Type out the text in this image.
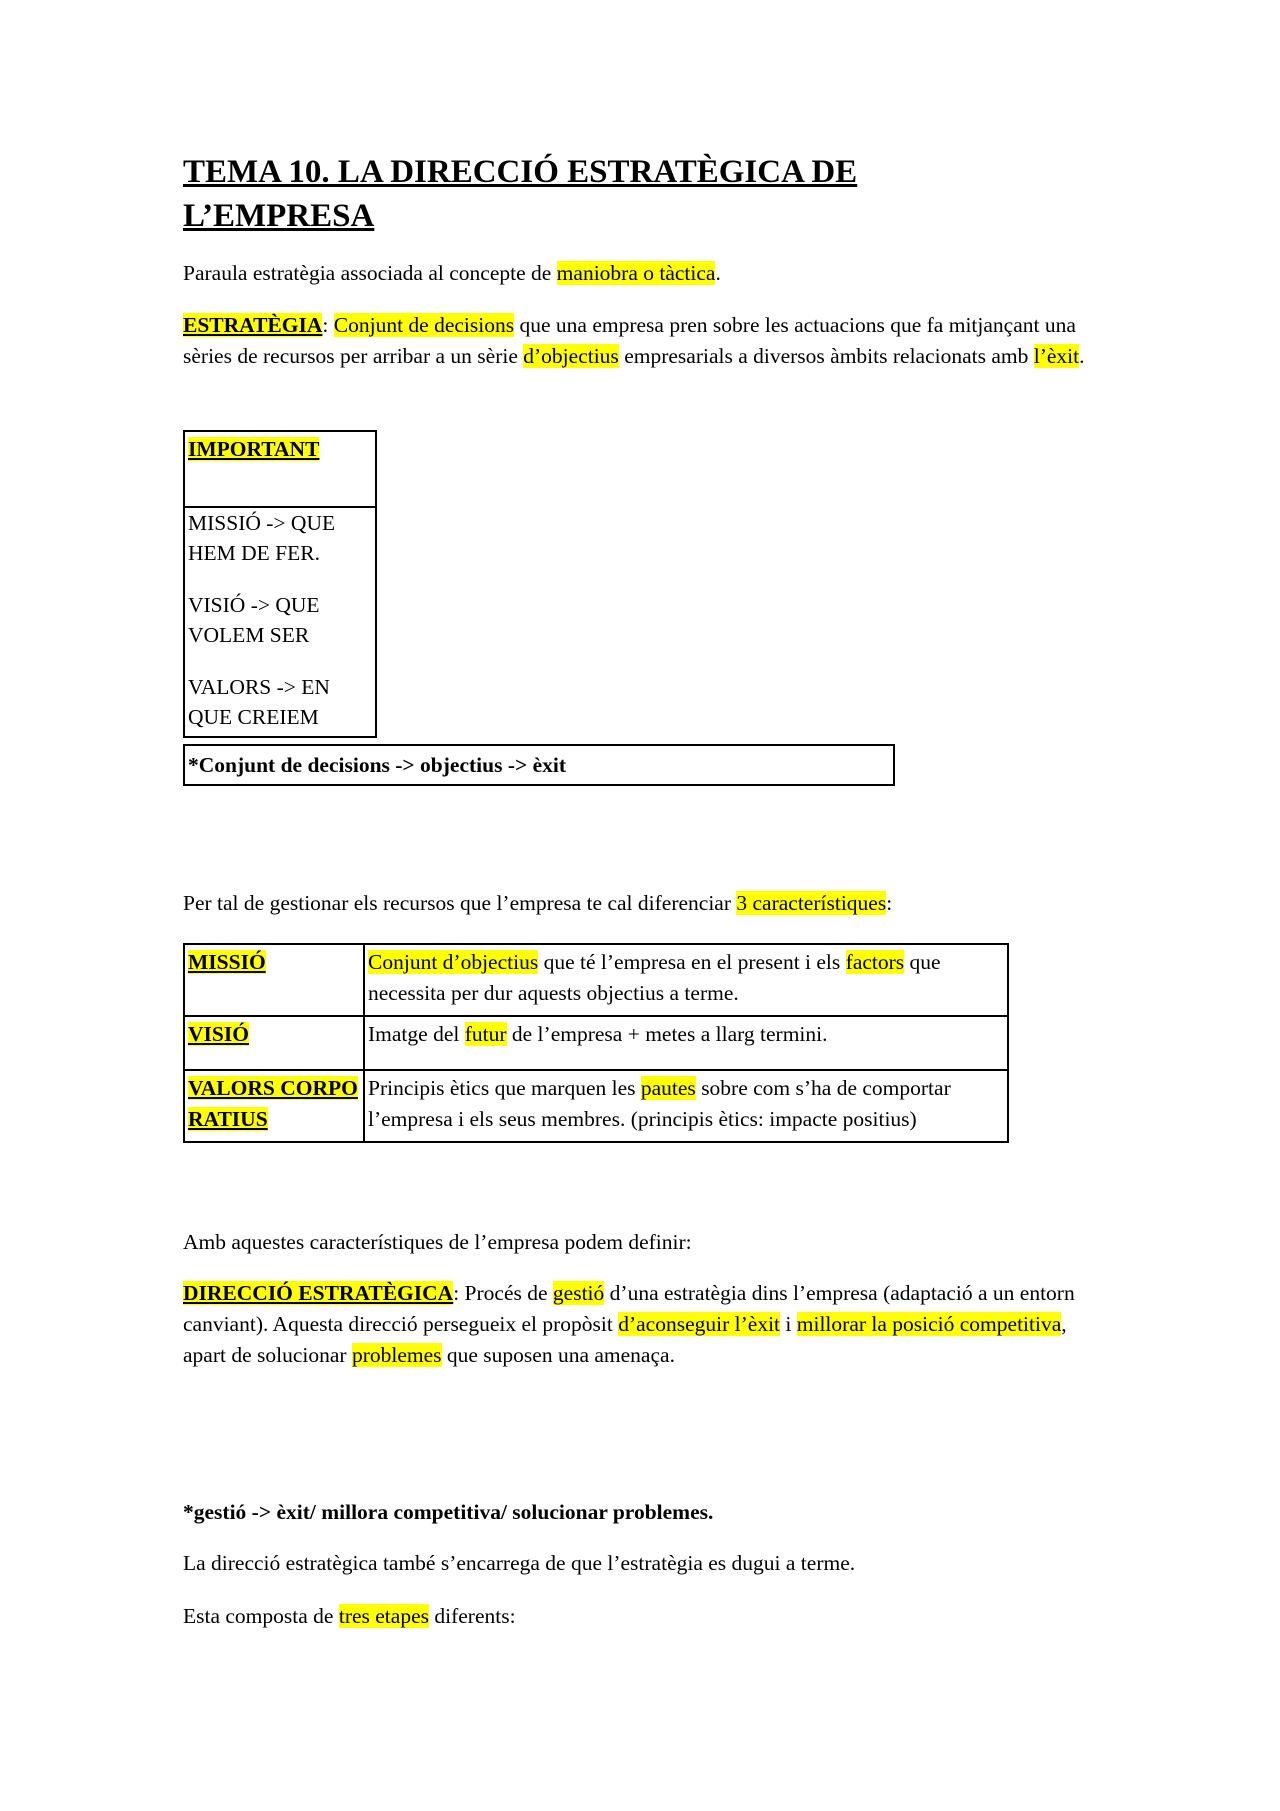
TEMA 10. LA DIRECCIÓ ESTRATÈGICA DE L’EMPRESA
Paraula estratègia associada al concepte de maniobra o tàctica.
ESTRATÈGIA: Conjunt de decisions que una empresa pren sobre les actuacions que fa mitjançant una sèries de recursos per arribar a un sèrie d’objectius empresarials a diversos àmbits relacionats amb l’èxit.
IMPORTANT

MISSIÓ -> QUE HEM DE FER.

VISIÓ -> QUE VOLEM SER

VALORS -> EN QUE CREIEM

*Conjunt de decisions -> objectius -> èxit
Per tal de gestionar els recursos que l’empresa te cal diferenciar 3 característiques:
MISSIÓ	Conjunt d’objectius que té l’empresa en el present i els factors que necessita per dur aquests objectius a terme.
VISIÓ	Imatge del futur de l’empresa + metes a llarg termini.
VALORS CORPORATIUS	Principis ètics que marquen les pautes sobre com s’ha de comportar l’empresa i els seus membres. (principis ètics: impacte positius)
Amb aquestes característiques de l’empresa podem definir:
DIRECCIÓ ESTRATÈGICA: Procés de gestió d’una estratègia dins l’empresa (adaptació a un entorn canviant). Aquesta direcció persegueix el propòsit d’aconseguir l’èxit i millorar la posició competitiva, apart de solucionar problemes que suposen una amenaça.
*gestió -> èxit/ millora competitiva/ solucionar problemes.
La direcció estratègica també s’encarrega de que l’estratègia es dugui a terme.
Esta composta de tres etapes diferents:
